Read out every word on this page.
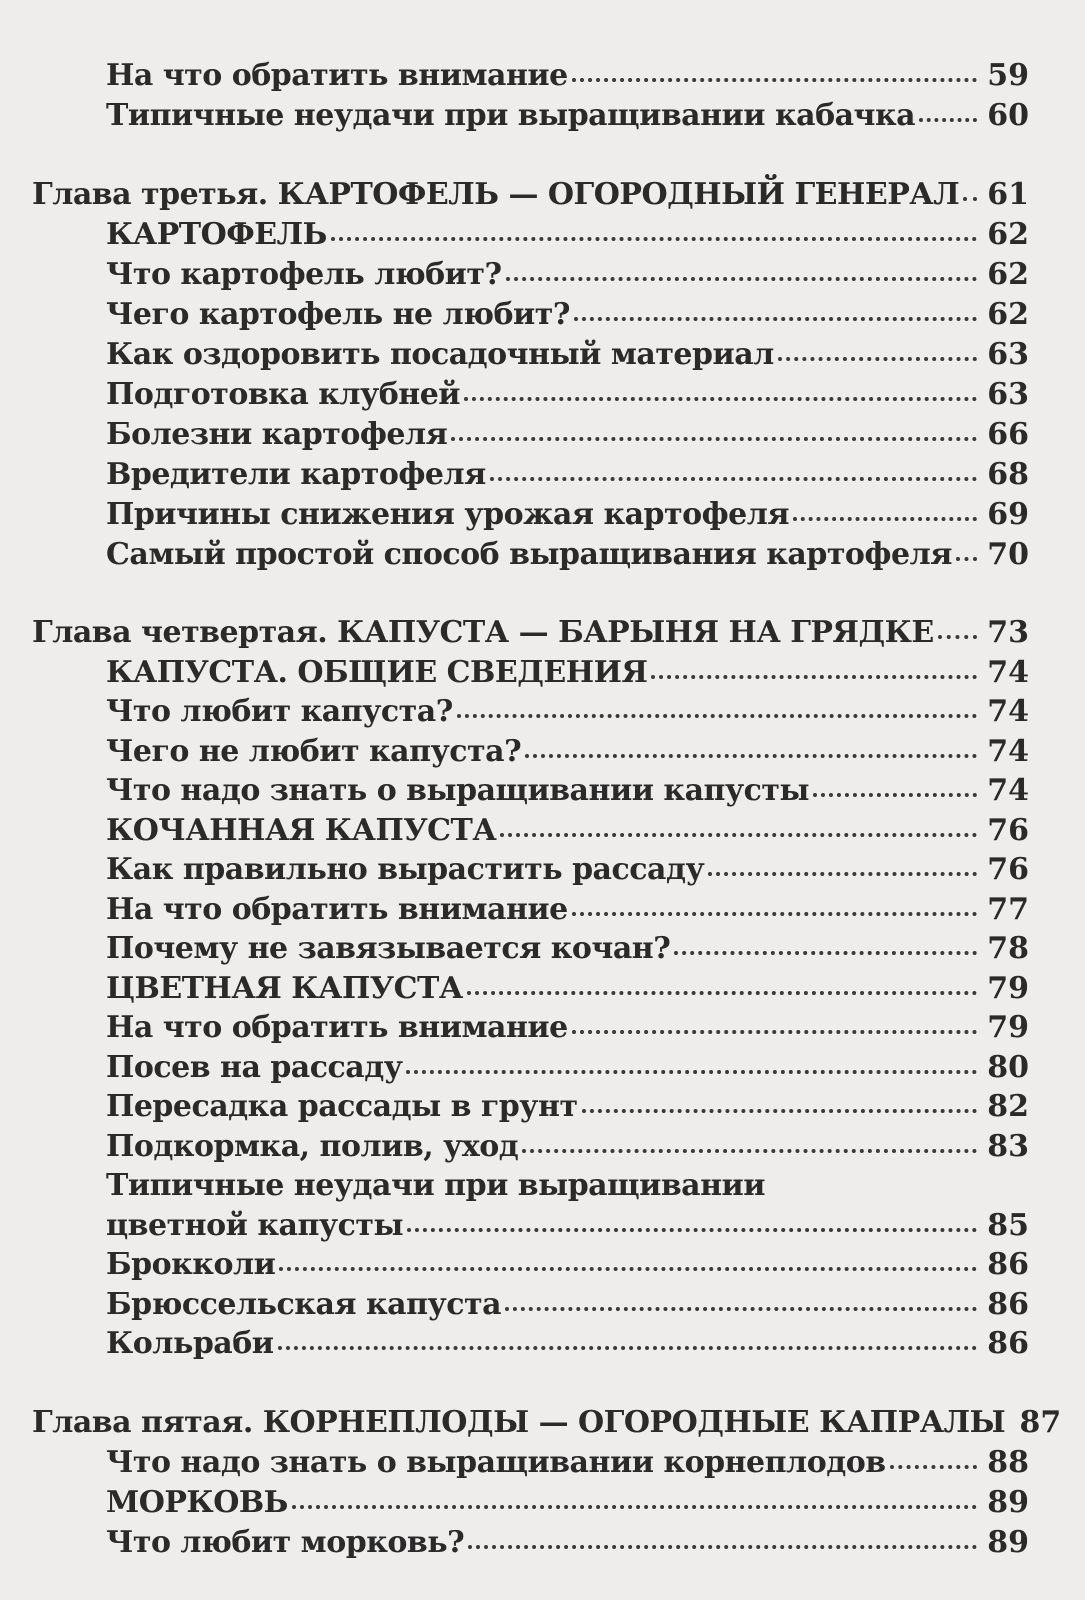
На что обратить внимание	59
Типичные неудачи при выращивании кабачка 60
Глава третья. КАРТОФЕЛЬ — ОГОРОДНЫЙ ГЕНЕРАЛ 61
КАРТОФЕЛЬ	62
Что картофель любит?	62
Чего картофель не любит?	62
Как оздоровить посадочный материал	63
Подготовка клубней	63
Болезни картофеля	66
Вредители картофеля	68
Причины снижения урожая картофеля	69
Самый простой способ выращивания картофеля 70
Глава четвертая. КАПУСТА — БАРЫНЯ НА ГРЯДКЕ 73
КАПУСТА. ОБЩИЕ СВЕДЕНИЯ	74
Что любит капуста?	74
Чего не любит капуста?	74
Что надо знать о выращивании капусты	74
КОЧАННАЯ КАПУСТА	76
Как правильно вырастить рассаду	76
На что обратить внимание	77
Почему не завязывается кочан?	78
ЦВЕТНАЯ КАПУСТА	79
На что обратить внимание	79
Посев на рассаду	80
Пересадка рассады в грунт	82
Подкормка, полив, уход	83
Типичные неудачи при выращивании
цветной капусты	85
Брокколи	86
Брюссельская капуста	86
Кольраби	86
Глава пятая. КОРНЕПЛОДЫ — ОГОРОДНЫЕ КАПРАЛЫ 87
Что надо знать о выращивании корнеплодов	88
МОРКОВЬ	89
Что любит морковь?	89
